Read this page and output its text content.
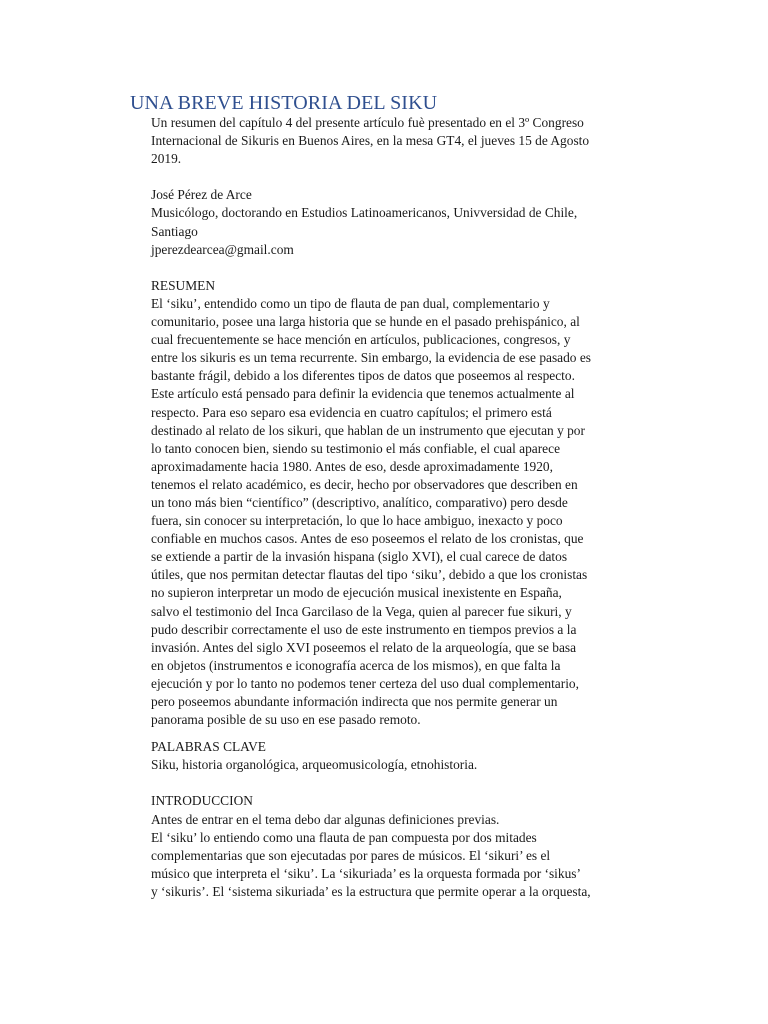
UNA BREVE HISTORIA DEL SIKU
Un resumen del capítulo 4 del presente artículo fuè presentado en el 3º Congreso
Internacional de Sikuris en Buenos Aires, en la mesa GT4, el jueves 15 de Agosto
2019.
José Pérez de Arce
Musicólogo, doctorando en Estudios Latinoamericanos, Univversidad de Chile,
Santiago
jperezdearcea@gmail.com
RESUMEN
El ‘siku’, entendido como un tipo de flauta de pan dual, complementario y
comunitario, posee una larga historia que se hunde en el pasado prehispánico, al
cual frecuentemente se hace mención en artículos, publicaciones, congresos, y
entre los sikuris es un tema recurrente. Sin embargo, la evidencia de ese pasado es
bastante frágil, debido a los diferentes tipos de datos que poseemos al respecto.
Este artículo está pensado para definir la evidencia que tenemos actualmente al
respecto. Para eso separo esa evidencia en cuatro capítulos; el primero está
destinado al relato de los sikuri, que hablan de un instrumento que ejecutan y por
lo tanto conocen bien, siendo su testimonio el más confiable, el cual aparece
aproximadamente hacia 1980. Antes de eso, desde aproximadamente 1920,
tenemos el relato académico, es decir, hecho por observadores que describen en
un tono más bien “científico” (descriptivo, analítico, comparativo) pero desde
fuera, sin conocer su interpretación, lo que lo hace ambiguo, inexacto y poco
confiable en muchos casos. Antes de eso poseemos el relato de los cronistas, que
se extiende a partir de la invasión hispana (siglo XVI), el cual carece de datos
útiles, que nos permitan detectar flautas del tipo ‘siku’, debido a que los cronistas
no supieron interpretar un modo de ejecución musical inexistente en España,
salvo el testimonio del Inca Garcilaso de la Vega, quien al parecer fue sikuri, y
pudo describir correctamente el uso de este instrumento en tiempos previos a la
invasión. Antes del siglo XVI poseemos el relato de la arqueología, que se basa
en objetos (instrumentos e iconografía acerca de los mismos), en que falta la
ejecución y por lo tanto no podemos tener certeza del uso dual complementario,
pero poseemos abundante información indirecta que nos permite generar un
panorama posible de su uso en ese pasado remoto.
PALABRAS CLAVE
Siku, historia organológica, arqueomusicología, etnohistoria.
INTRODUCCION
Antes de entrar en el tema debo dar algunas definiciones previas.
El ‘siku’ lo entiendo como una flauta de pan compuesta por dos mitades
complementarias que son ejecutadas por pares de músicos. El ‘sikuri’ es el
músico que interpreta el ‘siku’. La ‘sikuriada’ es la orquesta formada por ‘sikus’
y ‘sikuris’. El ‘sistema sikuriada’ es la estructura que permite operar a la orquesta,
